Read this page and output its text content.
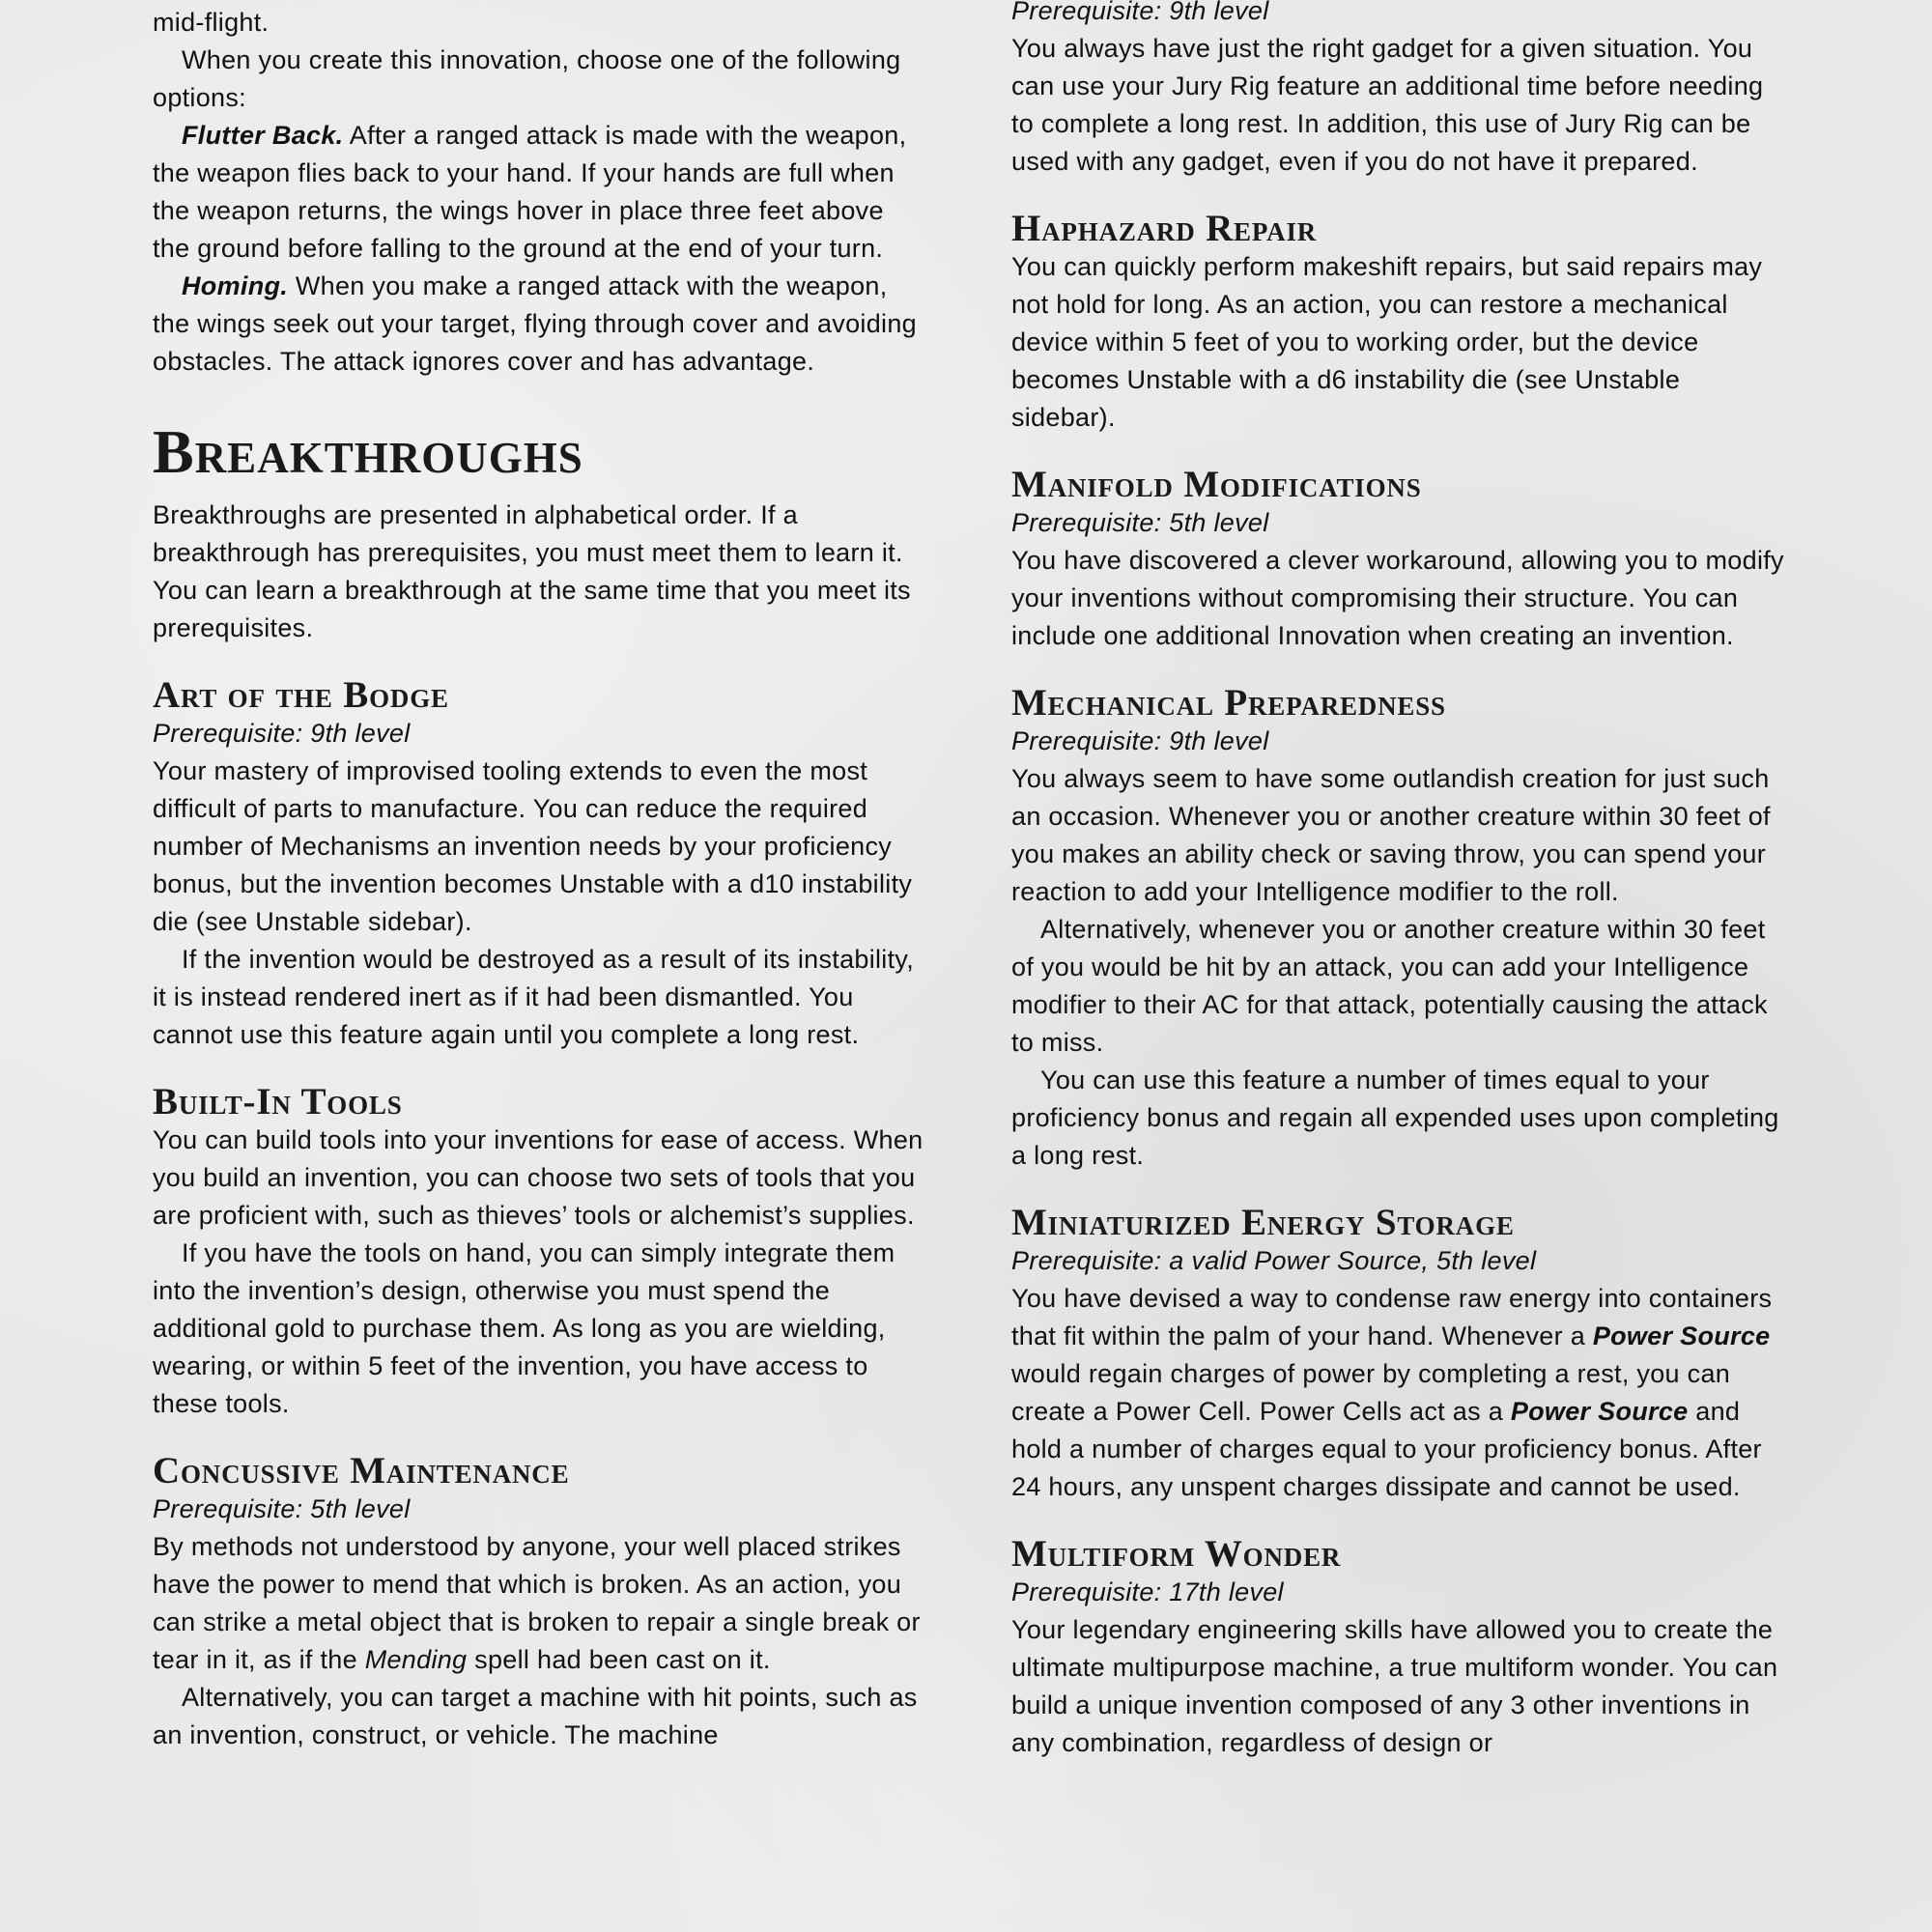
mid-flight.

When you create this innovation, choose one of the following options:

Flutter Back. After a ranged attack is made with the weapon, the weapon flies back to your hand. If your hands are full when the weapon returns, the wings hover in place three feet above the ground before falling to the ground at the end of your turn.

Homing. When you make a ranged attack with the weapon, the wings seek out your target, flying through cover and avoiding obstacles. The attack ignores cover and has advantage.

Breakthroughs

Breakthroughs are presented in alphabetical order. If a breakthrough has prerequisites, you must meet them to learn it. You can learn a breakthrough at the same time that you meet its prerequisites.

Art of the Bodge

Prerequisite: 9th level

Your mastery of improvised tooling extends to even the most difficult of parts to manufacture. You can reduce the required number of Mechanisms an invention needs by your proficiency bonus, but the invention becomes Unstable with a d10 instability die (see Unstable sidebar).

If the invention would be destroyed as a result of its instability, it is instead rendered inert as if it had been dismantled. You cannot use this feature again until you complete a long rest.

Built-In Tools

You can build tools into your inventions for ease of access. When you build an invention, you can choose two sets of tools that you are proficient with, such as thieves’ tools or alchemist’s supplies.

If you have the tools on hand, you can simply integrate them into the invention’s design, otherwise you must spend the additional gold to purchase them. As long as you are wielding, wearing, or within 5 feet of the invention, you have access to these tools.

Concussive Maintenance

Prerequisite: 5th level

By methods not understood by anyone, your well placed strikes have the power to mend that which is broken. As an action, you can strike a metal object that is broken to repair a single break or tear in it, as if the Mending spell had been cast on it.

Alternatively, you can target a machine with hit points, such as an invention, construct, or vehicle. The machine

Prerequisite: 9th level

You always have just the right gadget for a given situation. You can use your Jury Rig feature an additional time before needing to complete a long rest. In addition, this use of Jury Rig can be used with any gadget, even if you do not have it prepared.

Haphazard Repair

You can quickly perform makeshift repairs, but said repairs may not hold for long. As an action, you can restore a mechanical device within 5 feet of you to working order, but the device becomes Unstable with a d6 instability die (see Unstable sidebar).

Manifold Modifications

Prerequisite: 5th level

You have discovered a clever workaround, allowing you to modify your inventions without compromising their structure. You can include one additional Innovation when creating an invention.

Mechanical Preparedness

Prerequisite: 9th level

You always seem to have some outlandish creation for just such an occasion. Whenever you or another creature within 30 feet of you makes an ability check or saving throw, you can spend your reaction to add your Intelligence modifier to the roll.

Alternatively, whenever you or another creature within 30 feet of you would be hit by an attack, you can add your Intelligence modifier to their AC for that attack, potentially causing the attack to miss.

You can use this feature a number of times equal to your proficiency bonus and regain all expended uses upon completing a long rest.

Miniaturized Energy Storage

Prerequisite: a valid Power Source, 5th level

You have devised a way to condense raw energy into containers that fit within the palm of your hand. Whenever a Power Source would regain charges of power by completing a rest, you can create a Power Cell. Power Cells act as a Power Source and hold a number of charges equal to your proficiency bonus. After 24 hours, any unspent charges dissipate and cannot be used.

Multiform Wonder

Prerequisite: 17th level

Your legendary engineering skills have allowed you to create the ultimate multipurpose machine, a true multiform wonder. You can build a unique invention composed of any 3 other inventions in any combination, regardless of design or
